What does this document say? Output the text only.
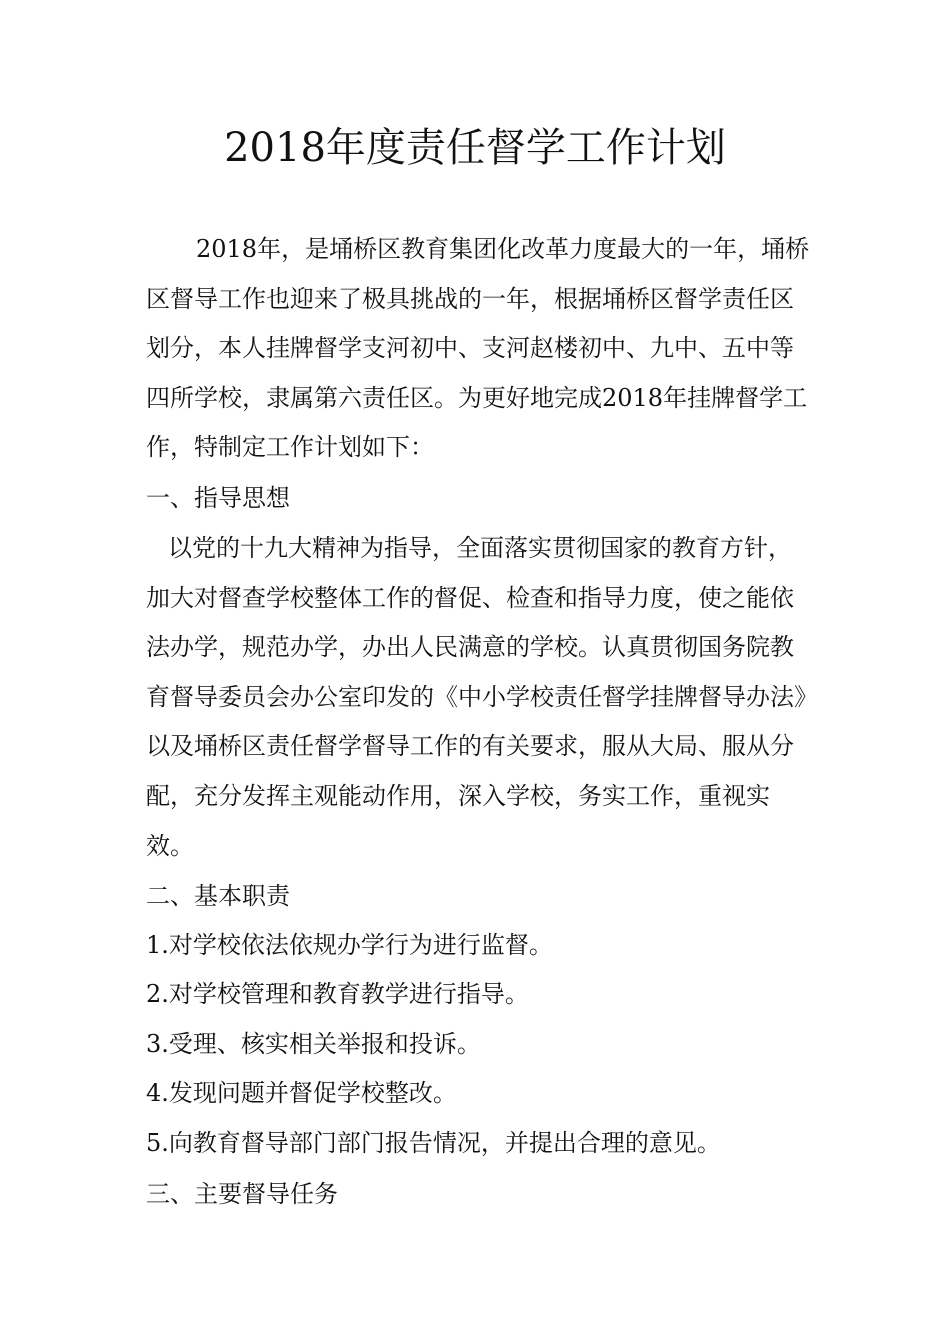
2018年度责任督学工作计划
2018年，是埇桥区教育集团化改革力度最大的一年，埇桥区督导工作也迎来了极具挑战的一年，根据埇桥区督学责任区划分，本人挂牌督学支河初中、支河赵楼初中、九中、五中等四所学校，隶属第六责任区。为更好地完成2018年挂牌督学工作，特制定工作计划如下：
一、指导思想
以党的十九大精神为指导，全面落实贯彻国家的教育方针，加大对督查学校整体工作的督促、检查和指导力度，使之能依法办学，规范办学，办出人民满意的学校。认真贯彻国务院教育督导委员会办公室印发的《中小学校责任督学挂牌督导办法》以及埇桥区责任督学督导工作的有关要求，服从大局、服从分配，充分发挥主观能动作用，深入学校，务实工作，重视实效。
二、基本职责
1.对学校依法依规办学行为进行监督。
2.对学校管理和教育教学进行指导。
3.受理、核实相关举报和投诉。
4.发现问题并督促学校整改。
5.向教育督导部门部门报告情况，并提出合理的意见。
三、主要督导任务
